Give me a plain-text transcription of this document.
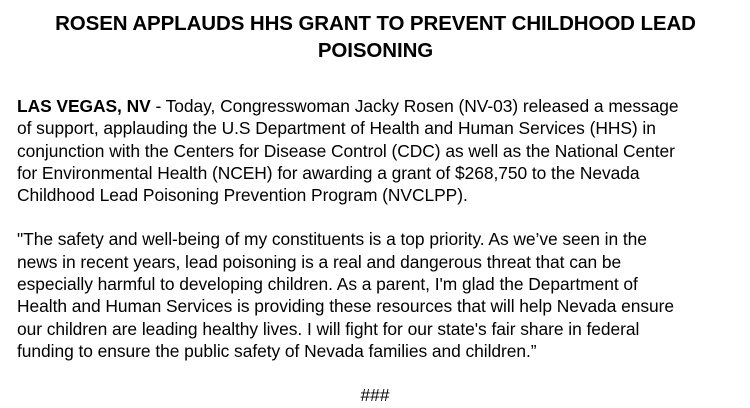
ROSEN APPLAUDS HHS GRANT TO PREVENT CHILDHOOD LEAD
POISONING

LAS VEGAS, NV - Today, Congresswoman Jacky Rosen (NV-03) released a message
of support, applauding the U.S Department of Health and Human Services (HHS) in
conjunction with the Centers for Disease Control (CDC) as well as the National Center
for Environmental Health (NCEH) for awarding a grant of $268,750 to the Nevada
Childhood Lead Poisoning Prevention Program (NVCLPP).

"The safety and well-being of my constituents is a top priority. As we’ve seen in the
news in recent years, lead poisoning is a real and dangerous threat that can be
especially harmful to developing children. As a parent, I'm glad the Department of
Health and Human Services is providing these resources that will help Nevada ensure
our children are leading healthy lives. I will fight for our state's fair share in federal
funding to ensure the public safety of Nevada families and children.”

###
